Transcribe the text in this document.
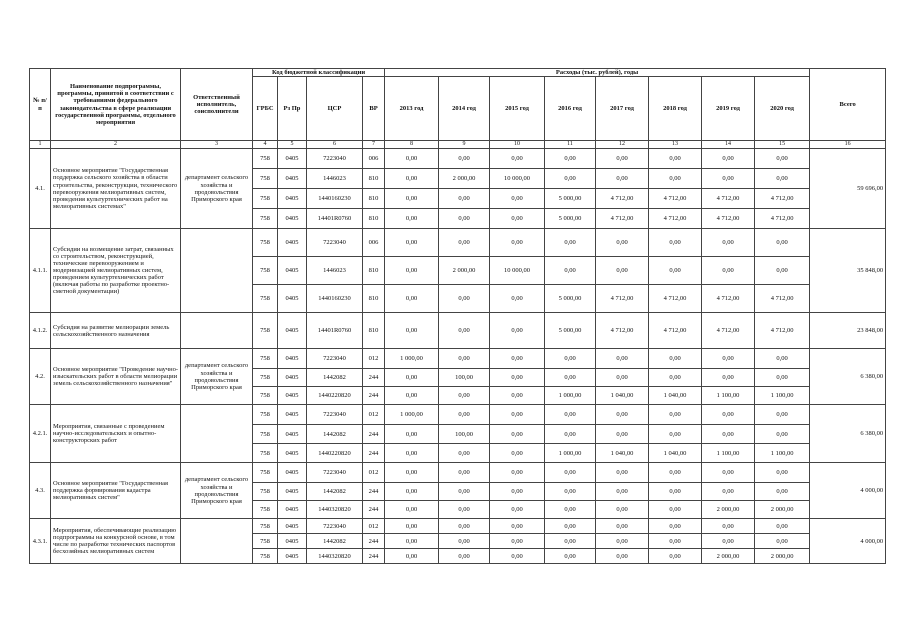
№ п/п	Наименование подпрограммы, программы, принятой в соответствии с требованиями федерального законодательства в сфере реализации государственной программы, отдельного мероприятия	Ответственный исполнитель, соисполнители	Код бюджетной классификации				Расходы (тыс. рублей), годы								Всего
			ГРБС	Рз Пр	ЦСР	ВР	2013 год	2014 год	2015 год	2016 год	2017 год	2018 год	2019 год	2020 год	
1	2	3	4	5	6	7	8	9	10	11	12	13	14	15	16
4.1.	Основное мероприятие "Государственная поддержка сельского хозяйства в области строительства, реконструкции, технического перевооружения мелиоративных систем, проведения культуртехнических работ на мелиоративных системах"	департамент сельского хозяйства и продовольствия Приморского края	758	0405	7223040	006	0,00	0,00	0,00	0,00	0,00	0,00	0,00	0,00	59 696,00
			758	0405	1446023	810	0,00	2 000,00	10 000,00	0,00	0,00	0,00	0,00	0,00	
			758	0405	1440160230	810	0,00	0,00	0,00	5 000,00	4 712,00	4 712,00	4 712,00	4 712,00	
			758	0405	14401R0760	810	0,00	0,00	0,00	5 000,00	4 712,00	4 712,00	4 712,00	4 712,00	
4.1.1.	Субсидии на возмещение затрат, связанных со строительством, реконструкцией, технические перевооружением и модернизацией мелиоративных систем, проведением культуртехнических работ (включая работы по разработке проектно-сметной документации)		758	0405	7223040	006	0,00	0,00	0,00	0,00	0,00	0,00	0,00	0,00	35 848,00
			758	0405	1446023	810	0,00	2 000,00	10 000,00	0,00	0,00	0,00	0,00	0,00	
			758	0405	1440160230	810	0,00	0,00	0,00	5 000,00	4 712,00	4 712,00	4 712,00	4 712,00	
4.1.2.	Субсидия на развитие мелиорации земель сельскохозяйственного назначения		758	0405	14401R0760	810	0,00	0,00	0,00	5 000,00	4 712,00	4 712,00	4 712,00	4 712,00	23 848,00
4.2.	Основное мероприятие "Проведение научно-изыскательских работ в области мелиорации земель сельскохозяйственного назначения"	департамент сельского хозяйства и продовольствия Приморского края	758	0405	7223040	012	1 000,00	0,00	0,00	0,00	0,00	0,00	0,00	0,00	6 380,00
			758	0405	1442082	244	0,00	100,00	0,00	0,00	0,00	0,00	0,00	0,00	
			758	0405	1440220820	244	0,00	0,00	0,00	1 000,00	1 040,00	1 040,00	1 100,00	1 100,00	
4.2.1.	Мероприятия, связанные с проведением научно-исследовательских и опытно-конструкторских работ		758	0405	7223040	012	1 000,00	0,00	0,00	0,00	0,00	0,00	0,00	0,00	6 380,00
			758	0405	1442082	244	0,00	100,00	0,00	0,00	0,00	0,00	0,00	0,00	
			758	0405	1440220820	244	0,00	0,00	0,00	1 000,00	1 040,00	1 040,00	1 100,00	1 100,00	
4.3.	Основное мероприятие "Государственная поддержка формирования кадастра мелиоративных систем"	департамент сельского хозяйства и продовольствия Приморского края	758	0405	7223040	012	0,00	0,00	0,00	0,00	0,00	0,00	0,00	0,00	4 000,00
			758	0405	1442082	244	0,00	0,00	0,00	0,00	0,00	0,00	0,00	0,00	
			758	0405	1440320820	244	0,00	0,00	0,00	0,00	0,00	0,00	2 000,00	2 000,00	
4.3.1.	Мероприятия, обеспечивающие реализацию подпрограммы на конкурсной основе, в том числе по разработке технических паспортов бесхозяйных мелиоративных систем		758	0405	7223040	012	0,00	0,00	0,00	0,00	0,00	0,00	0,00	0,00	4 000,00
			758	0405	1442082	244	0,00	0,00	0,00	0,00	0,00	0,00	0,00	0,00	
			758	0405	1440320820	244	0,00	0,00	0,00	0,00	0,00	0,00	2 000,00	2 000,00	
